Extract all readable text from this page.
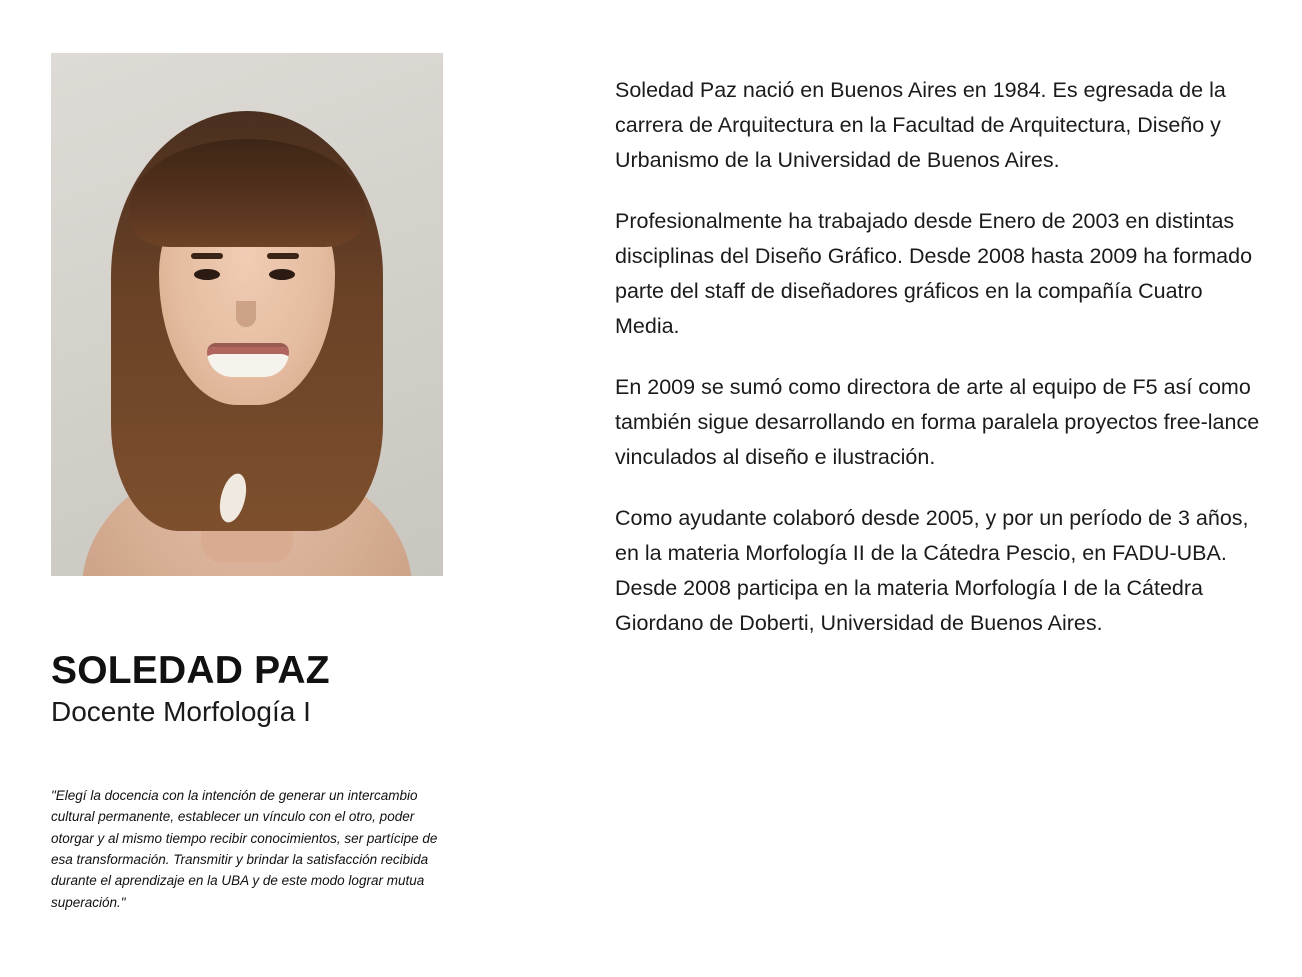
SOLEDAD PAZ
Docente Morfología I
"Elegí la docencia con la intención de generar un intercambio cultural permanente, establecer un vínculo con el otro, poder otorgar y al mismo tiempo recibir conocimientos, ser partícipe de esa transformación. Transmitir y brindar la satisfacción recibida durante el aprendizaje en la UBA y de este modo lograr mutua superación."

Soledad Paz nació en Buenos Aires en 1984. Es egresada de la carrera de Arquitectura en la Facultad de Arquitectura, Diseño y Urbanismo de la Universidad de Buenos Aires.

Profesionalmente ha trabajado desde Enero de 2003 en distintas disciplinas del Diseño Gráfico. Desde 2008 hasta 2009 ha formado parte del staff de diseñadores gráficos en la compañía Cuatro Media.

En 2009 se sumó como directora de arte al equipo de F5 así como también sigue desarrollando en forma paralela proyectos free-lance vinculados al diseño e ilustración.

Como ayudante colaboró desde 2005, y por un período de 3 años, en la materia Morfología II de la Cátedra Pescio, en FADU-UBA. Desde 2008 participa en la materia Morfología I de la Cátedra Giordano de Doberti, Universidad de Buenos Aires.
